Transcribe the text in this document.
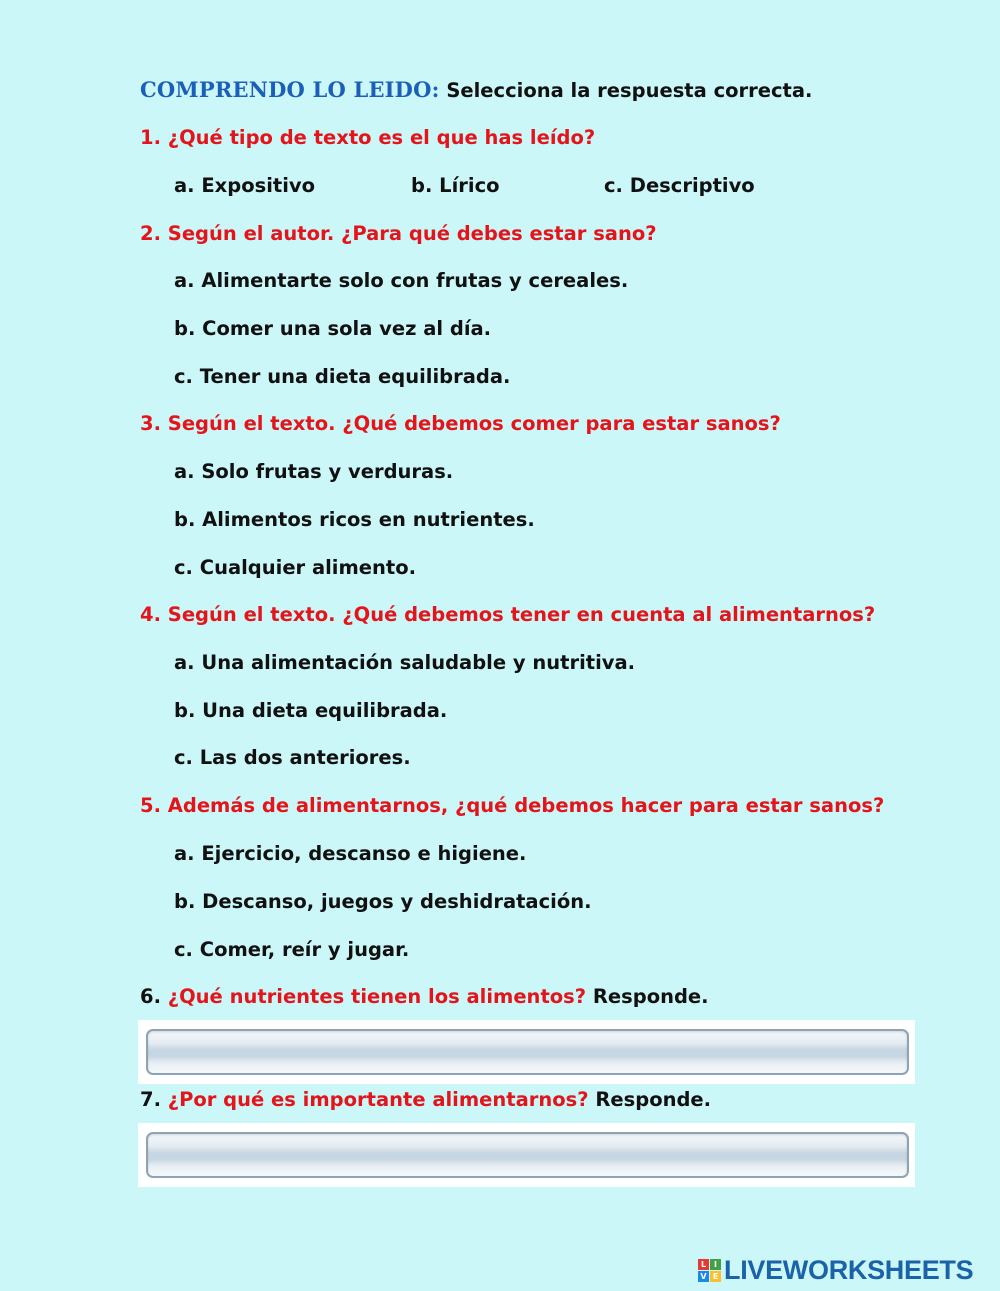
COMPRENDO LO LEIDO: Selecciona la respuesta correcta.
1. ¿Qué tipo de texto es el que has leído?
a. Expositivo	b. Lírico	c. Descriptivo
2. Según el autor. ¿Para qué debes estar sano?
a. Alimentarte solo con frutas y cereales.
b. Comer una sola vez al día.
c. Tener una dieta equilibrada.
3. Según el texto. ¿Qué debemos comer para estar sanos?
a. Solo frutas y verduras.
b. Alimentos ricos en nutrientes.
c. Cualquier alimento.
4. Según el texto. ¿Qué debemos tener en cuenta al alimentarnos?
a. Una alimentación saludable y nutritiva.
b. Una dieta equilibrada.
c. Las dos anteriores.
5. Además de alimentarnos, ¿qué debemos hacer para estar sanos?
a. Ejercicio, descanso e higiene.
b. Descanso, juegos y deshidratación.
c. Comer, reír y jugar.
6. ¿Qué nutrientes tienen los alimentos? Responde.
7. ¿Por qué es importante alimentarnos? Responde.
L I
V E LIVEWORKSHEETS
